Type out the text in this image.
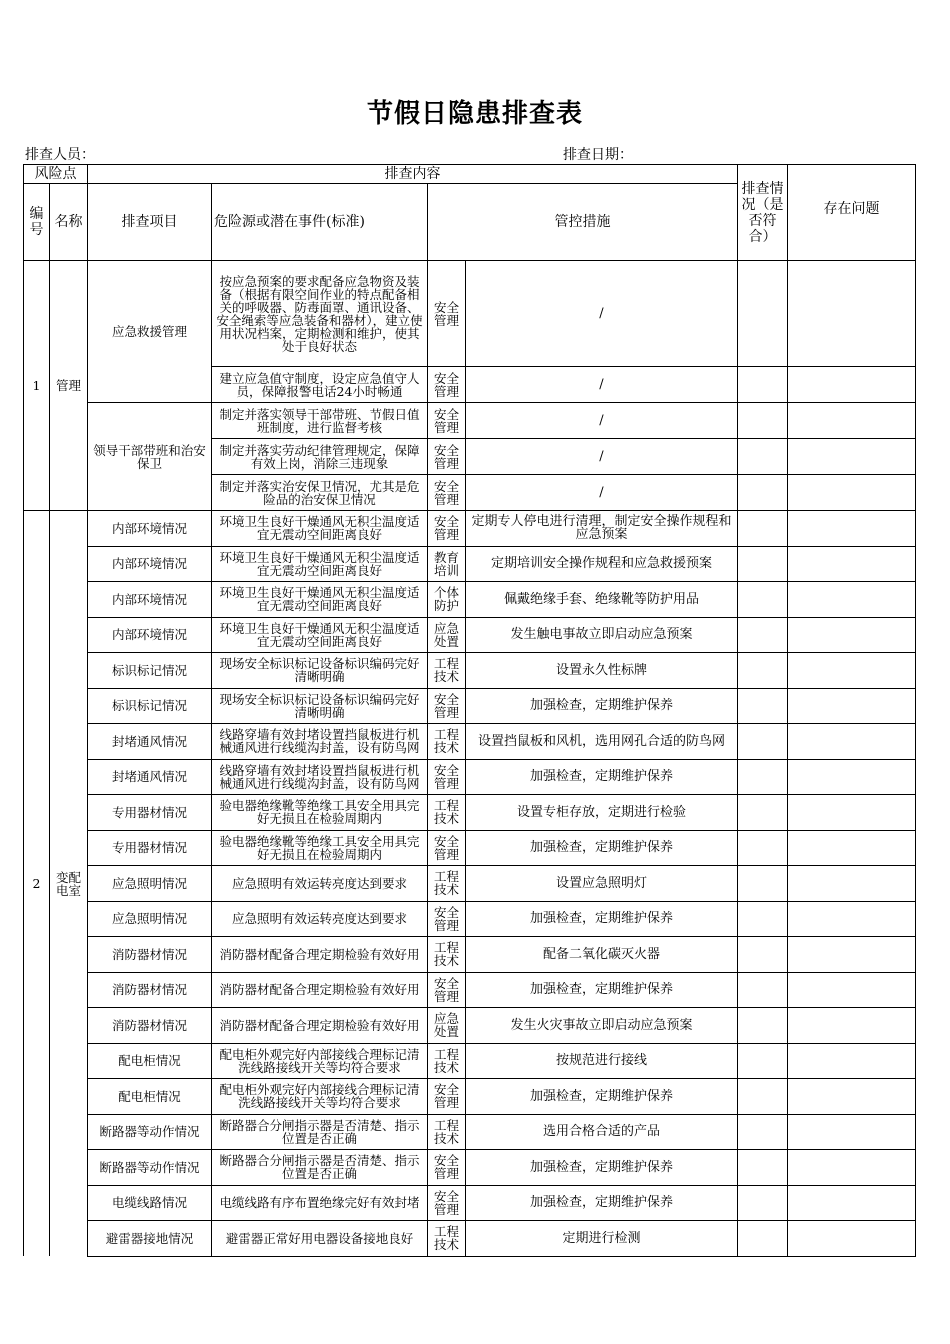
节假日隐患排查表
排查人员：	排查日期：
风险点		排查内容				排查情况（是否符合）	存在问题
编号	名称	排查项目	危险源或潜在事件(标准)	管控措施			
1	管理	应急救援管理	按应急预案的要求配备应急物资及装备（根据有限空间作业的特点配备相关的呼吸器、防毒面罩、通讯设备、安全绳索等应急装备和器材），建立使用状况档案，定期检测和维护，使其处于良好状态	安全管理	/		
			建立应急值守制度，设定应急值守人员，保障报警电话24小时畅通	安全管理	/		
		领导干部带班和治安保卫	制定并落实领导干部带班、节假日值班制度，进行监督考核	安全管理	/		
			制定并落实劳动纪律管理规定，保障有效上岗，消除三违现象	安全管理	/		
			制定并落实治安保卫情况，尤其是危险品的治安保卫情况	安全管理	/		
2	变配电室	内部环境情况	环境卫生良好干燥通风无积尘温度适宜无震动空间距离良好	安全管理	定期专人停电进行清理，制定安全操作规程和应急预案		
		内部环境情况	环境卫生良好干燥通风无积尘温度适宜无震动空间距离良好	教育培训	定期培训安全操作规程和应急救援预案		
		内部环境情况	环境卫生良好干燥通风无积尘温度适宜无震动空间距离良好	个体防护	佩戴绝缘手套、绝缘靴等防护用品		
		内部环境情况	环境卫生良好干燥通风无积尘温度适宜无震动空间距离良好	应急处置	发生触电事故立即启动应急预案		
		标识标记情况	现场安全标识标记设备标识编码完好清晰明确	工程技术	设置永久性标牌		
		标识标记情况	现场安全标识标记设备标识编码完好清晰明确	安全管理	加强检查，定期维护保养		
		封堵通风情况	线路穿墙有效封堵设置挡鼠板进行机械通风进行线缆沟封盖，设有防鸟网	工程技术	设置挡鼠板和风机，选用网孔合适的防鸟网		
		封堵通风情况	线路穿墙有效封堵设置挡鼠板进行机械通风进行线缆沟封盖，设有防鸟网	安全管理	加强检查，定期维护保养		
		专用器材情况	验电器绝缘靴等绝缘工具安全用具完好无损且在检验周期内	工程技术	设置专柜存放，定期进行检验		
		专用器材情况	验电器绝缘靴等绝缘工具安全用具完好无损且在检验周期内	安全管理	加强检查，定期维护保养		
		应急照明情况	应急照明有效运转亮度达到要求	工程技术	设置应急照明灯		
		应急照明情况	应急照明有效运转亮度达到要求	安全管理	加强检查，定期维护保养		
		消防器材情况	消防器材配备合理定期检验有效好用	工程技术	配备二氧化碳灭火器		
		消防器材情况	消防器材配备合理定期检验有效好用	安全管理	加强检查，定期维护保养		
		消防器材情况	消防器材配备合理定期检验有效好用	应急处置	发生火灾事故立即启动应急预案		
		配电柜情况	配电柜外观完好内部接线合理标记清洗线路接线开关等均符合要求	工程技术	按规范进行接线		
		配电柜情况	配电柜外观完好内部接线合理标记清洗线路接线开关等均符合要求	安全管理	加强检查，定期维护保养		
		断路器等动作情况	断路器合分闸指示器是否清楚、指示位置是否正确	工程技术	选用合格合适的产品		
		断路器等动作情况	断路器合分闸指示器是否清楚、指示位置是否正确	安全管理	加强检查，定期维护保养		
		电缆线路情况	电缆线路有序布置绝缘完好有效封堵	安全管理	加强检查，定期维护保养		
		避雷器接地情况	避雷器正常好用电器设备接地良好	工程技术	定期进行检测		
